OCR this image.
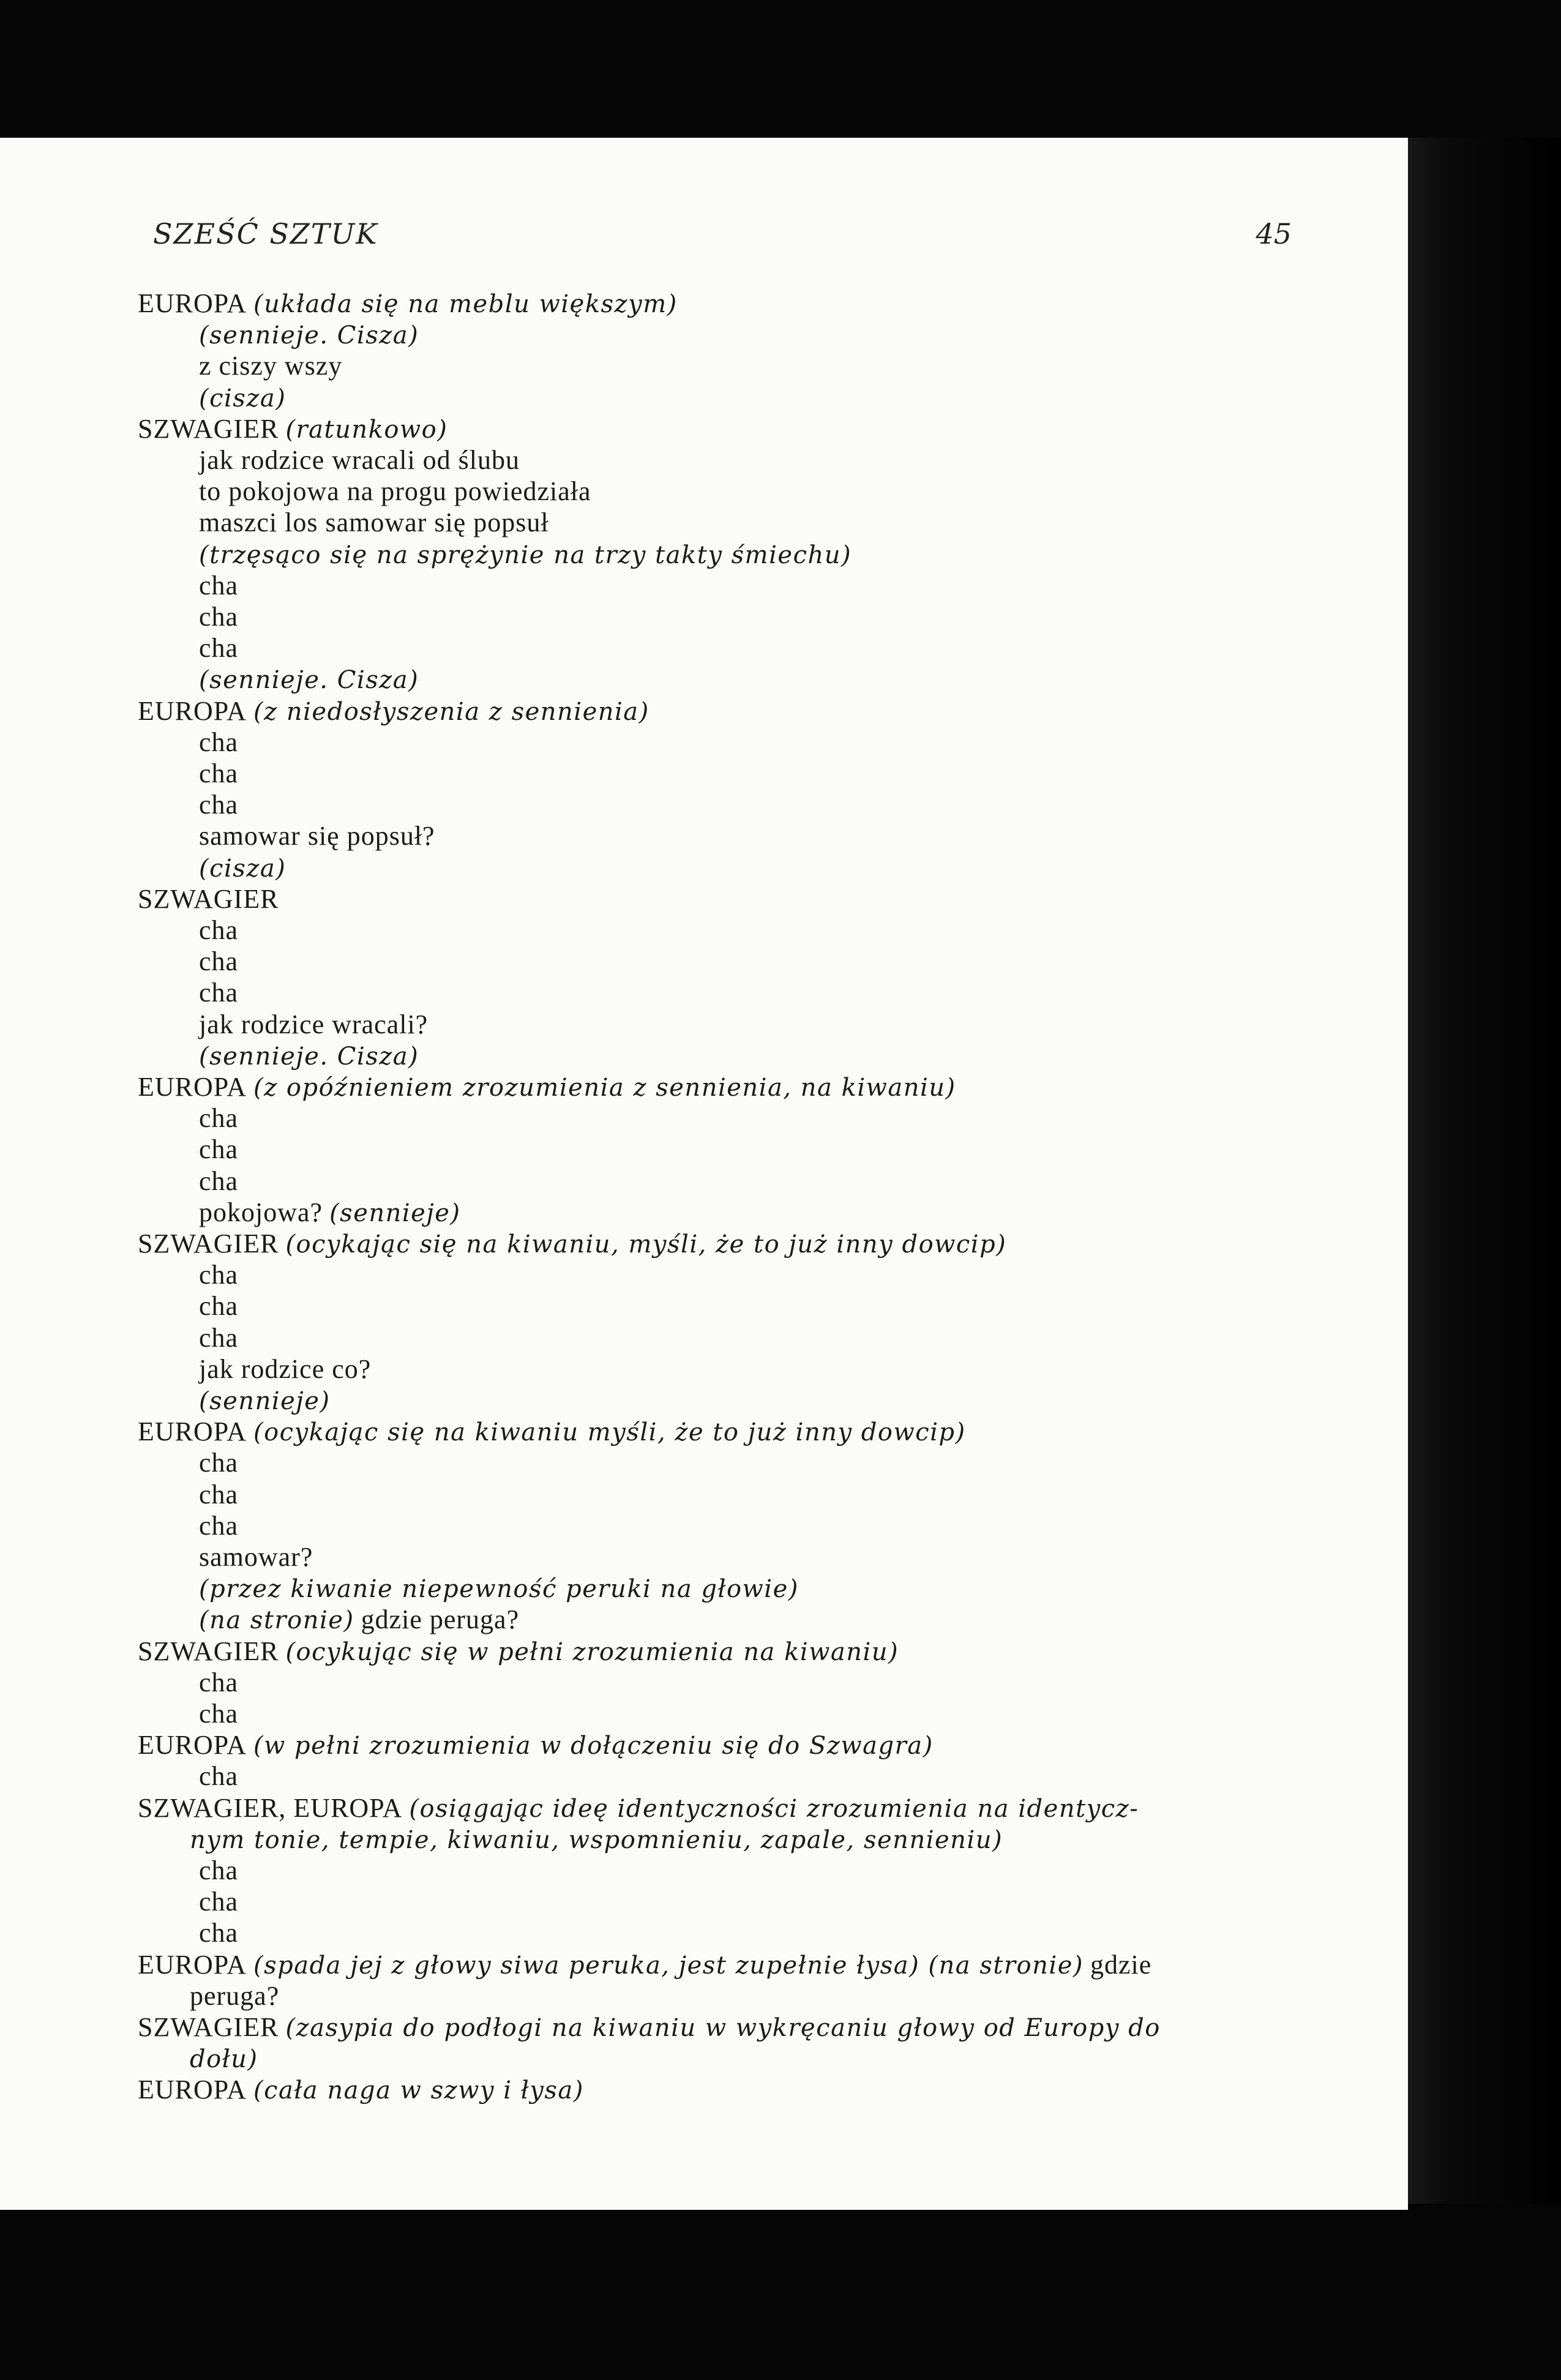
SZEŚĆ SZTUK	45
EUROPA (układa się na meblu większym)
(sennieje. Cisza)
z ciszy wszy
(cisza)
SZWAGIER (ratunkowo)
jak rodzice wracali od ślubu
to pokojowa na progu powiedziała
maszci los samowar się popsuł
(trzęsąco się na sprężynie na trzy takty śmiechu)
cha
cha
cha
(sennieje. Cisza)
EUROPA (z niedosłyszenia z sennienia)
cha
cha
cha
samowar się popsuł?
(cisza)
SZWAGIER
cha
cha
cha
jak rodzice wracali?
(sennieje. Cisza)
EUROPA (z opóźnieniem zrozumienia z sennienia, na kiwaniu)
cha
cha
cha
pokojowa? (sennieje)
SZWAGIER (ocykając się na kiwaniu, myśli, że to już inny dowcip)
cha
cha
cha
jak rodzice co?
(sennieje)
EUROPA (ocykając się na kiwaniu myśli, że to już inny dowcip)
cha
cha
cha
samowar?
(przez kiwanie niepewność peruki na głowie)
(na stronie) gdzie peruga?
SZWAGIER (ocykując się w pełni zrozumienia na kiwaniu)
cha
cha
EUROPA (w pełni zrozumienia w dołączeniu się do Szwagra)
cha
SZWAGIER, EUROPA (osiągając ideę identyczności zrozumienia na identycz-
nym tonie, tempie, kiwaniu, wspomnieniu, zapale, sennieniu)
cha
cha
cha
EUROPA (spada jej z głowy siwa peruka, jest zupełnie łysa) (na stronie) gdzie
peruga?
SZWAGIER (zasypia do podłogi na kiwaniu w wykręcaniu głowy od Europy do
dołu)
EUROPA (cała naga w szwy i łysa)
